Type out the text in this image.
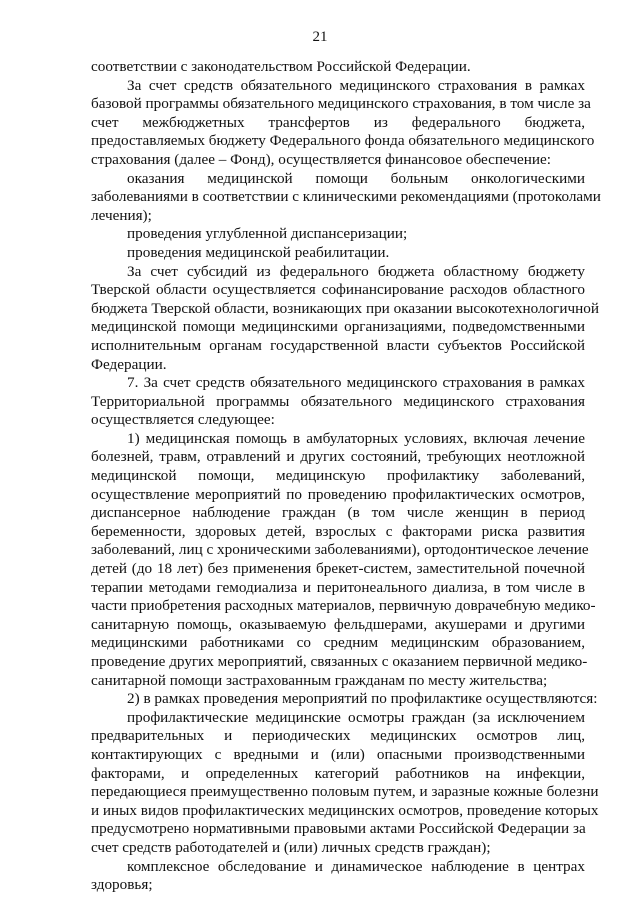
21
соответствии с законодательством Российской Федерации.
За счет средств обязательного медицинского страхования в рамках
базовой программы обязательного медицинского страхования, в том числе за
счет межбюджетных трансфертов из федерального бюджета,
предоставляемых бюджету Федерального фонда обязательного медицинского
страхования (далее – Фонд), осуществляется финансовое обеспечение:
оказания медицинской помощи больным онкологическими
заболеваниями в соответствии с клиническими рекомендациями (протоколами
лечения);
проведения углубленной диспансеризации;
проведения медицинской реабилитации.
За счет субсидий из федерального бюджета областному бюджету
Тверской области осуществляется софинансирование расходов областного
бюджета Тверской области, возникающих при оказании высокотехнологичной
медицинской помощи медицинскими организациями, подведомственными
исполнительным органам государственной власти субъектов Российской
Федерации.
7. За счет средств обязательного медицинского страхования в рамках
Территориальной программы обязательного медицинского страхования
осуществляется следующее:
1) медицинская помощь в амбулаторных условиях, включая лечение
болезней, травм, отравлений и других состояний, требующих неотложной
медицинской помощи, медицинскую профилактику заболеваний,
осуществление мероприятий по проведению профилактических осмотров,
диспансерное наблюдение граждан (в том числе женщин в период
беременности, здоровых детей, взрослых с факторами риска развития
заболеваний, лиц с хроническими заболеваниями), ортодонтическое лечение
детей (до 18 лет) без применения брекет-систем, заместительной почечной
терапии методами гемодиализа и перитонеального диализа, в том числе в
части приобретения расходных материалов, первичную доврачебную медико-
санитарную помощь, оказываемую фельдшерами, акушерами и другими
медицинскими работниками со средним медицинским образованием,
проведение других мероприятий, связанных с оказанием первичной медико-
санитарной помощи застрахованным гражданам по месту жительства;
2) в рамках проведения мероприятий по профилактике осуществляются:
профилактические медицинские осмотры граждан (за исключением
предварительных и периодических медицинских осмотров лиц,
контактирующих с вредными и (или) опасными производственными
факторами, и определенных категорий работников на инфекции,
передающиеся преимущественно половым путем, и заразные кожные болезни
и иных видов профилактических медицинских осмотров, проведение которых
предусмотрено нормативными правовыми актами Российской Федерации за
счет средств работодателей и (или) личных средств граждан);
комплексное обследование и динамическое наблюдение в центрах
здоровья;
